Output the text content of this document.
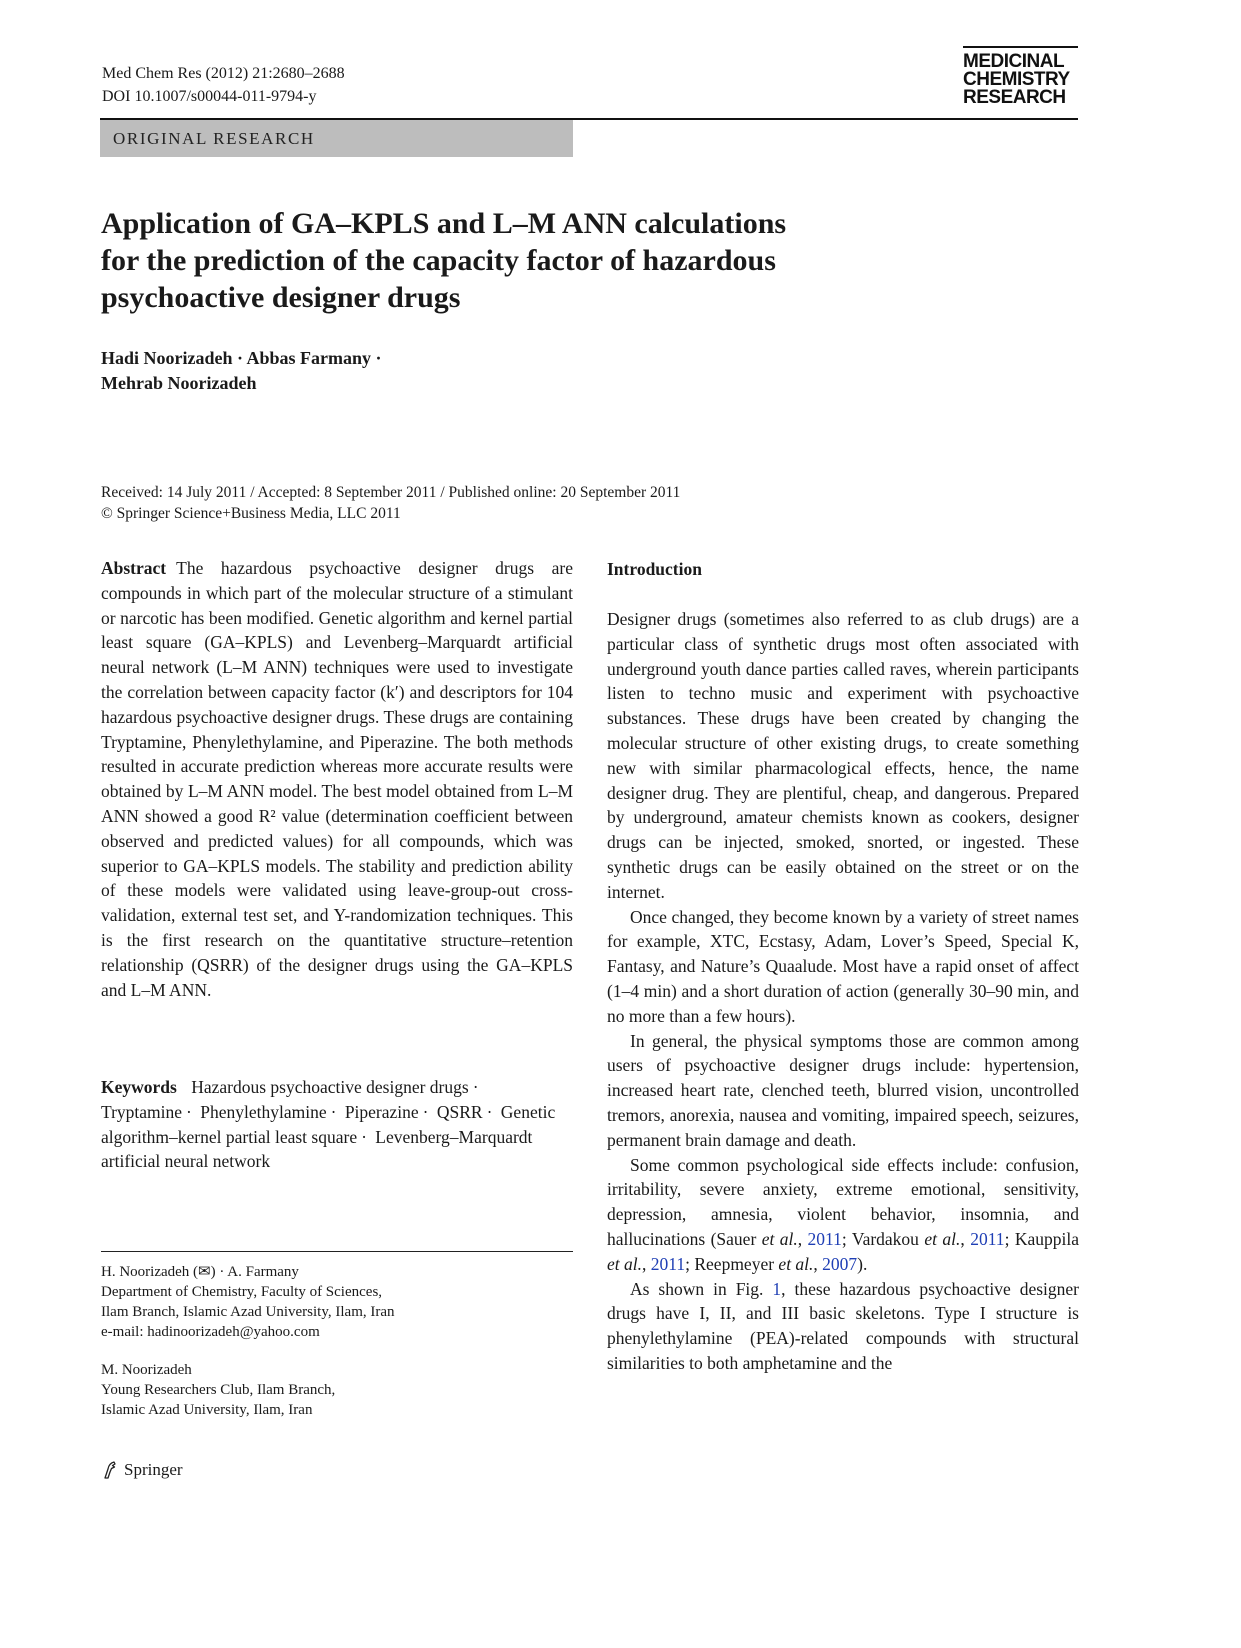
Med Chem Res (2012) 21:2680–2688
DOI 10.1007/s00044-011-9794-y
MEDICINAL
CHEMISTRY
RESEARCH
ORIGINAL RESEARCH
Application of GA–KPLS and L–M ANN calculations
for the prediction of the capacity factor of hazardous
psychoactive designer drugs
Hadi Noorizadeh · Abbas Farmany ·
Mehrab Noorizadeh
Received: 14 July 2011 / Accepted: 8 September 2011 / Published online: 20 September 2011
© Springer Science+Business Media, LLC 2011

Abstract The hazardous psychoactive designer drugs are compounds in which part of the molecular structure of a stimulant or narcotic has been modified. Genetic algorithm and kernel partial least square (GA–KPLS) and Levenberg–Marquardt artificial neural network (L–M ANN) techniques were used to investigate the correlation between capacity factor (k′) and descriptors for 104 hazardous psychoactive designer drugs. These drugs are containing Tryptamine, Phenylethylamine, and Piperazine. The both methods resulted in accurate prediction whereas more accurate results were obtained by L–M ANN model. The best model obtained from L–M ANN showed a good R² value (determination coefficient between observed and predicted values) for all compounds, which was superior to GA–KPLS models. The stability and prediction ability of these models were validated using leave-group-out cross-validation, external test set, and Y-randomization techniques. This is the first research on the quantitative structure–retention relationship (QSRR) of the designer drugs using the GA–KPLS and L–M ANN.

Keywords Hazardous psychoactive designer drugs · Tryptamine · Phenylethylamine · Piperazine · QSRR · Genetic algorithm–kernel partial least square · Levenberg–Marquardt artificial neural network

H. Noorizadeh (✉) · A. Farmany
Department of Chemistry, Faculty of Sciences,
Ilam Branch, Islamic Azad University, Ilam, Iran
e-mail: hadinoorizadeh@yahoo.com
M. Noorizadeh
Young Researchers Club, Ilam Branch,
Islamic Azad University, Ilam, Iran
Introduction

Designer drugs (sometimes also referred to as club drugs) are a particular class of synthetic drugs most often associated with underground youth dance parties called raves, wherein participants listen to techno music and experiment with psychoactive substances. These drugs have been created by changing the molecular structure of other existing drugs, to create something new with similar pharmacological effects, hence, the name designer drug. They are plentiful, cheap, and dangerous. Prepared by underground, amateur chemists known as cookers, designer drugs can be injected, smoked, snorted, or ingested. These synthetic drugs can be easily obtained on the street or on the internet.

Once changed, they become known by a variety of street names for example, XTC, Ecstasy, Adam, Lover’s Speed, Special K, Fantasy, and Nature’s Quaalude. Most have a rapid onset of affect (1–4 min) and a short duration of action (generally 30–90 min, and no more than a few hours).

In general, the physical symptoms those are common among users of psychoactive designer drugs include: hypertension, increased heart rate, clenched teeth, blurred vision, uncontrolled tremors, anorexia, nausea and vomiting, impaired speech, seizures, permanent brain damage and death.

Some common psychological side effects include: confusion, irritability, severe anxiety, extreme emotional, sensitivity, depression, amnesia, violent behavior, insomnia, and hallucinations (Sauer et al., 2011; Vardakou et al., 2011; Kauppila et al., 2011; Reepmeyer et al., 2007).

As shown in Fig. 1, these hazardous psychoactive designer drugs have I, II, and III basic skeletons. Type I structure is phenylethylamine (PEA)-related compounds with structural similarities to both amphetamine and the

Springer
